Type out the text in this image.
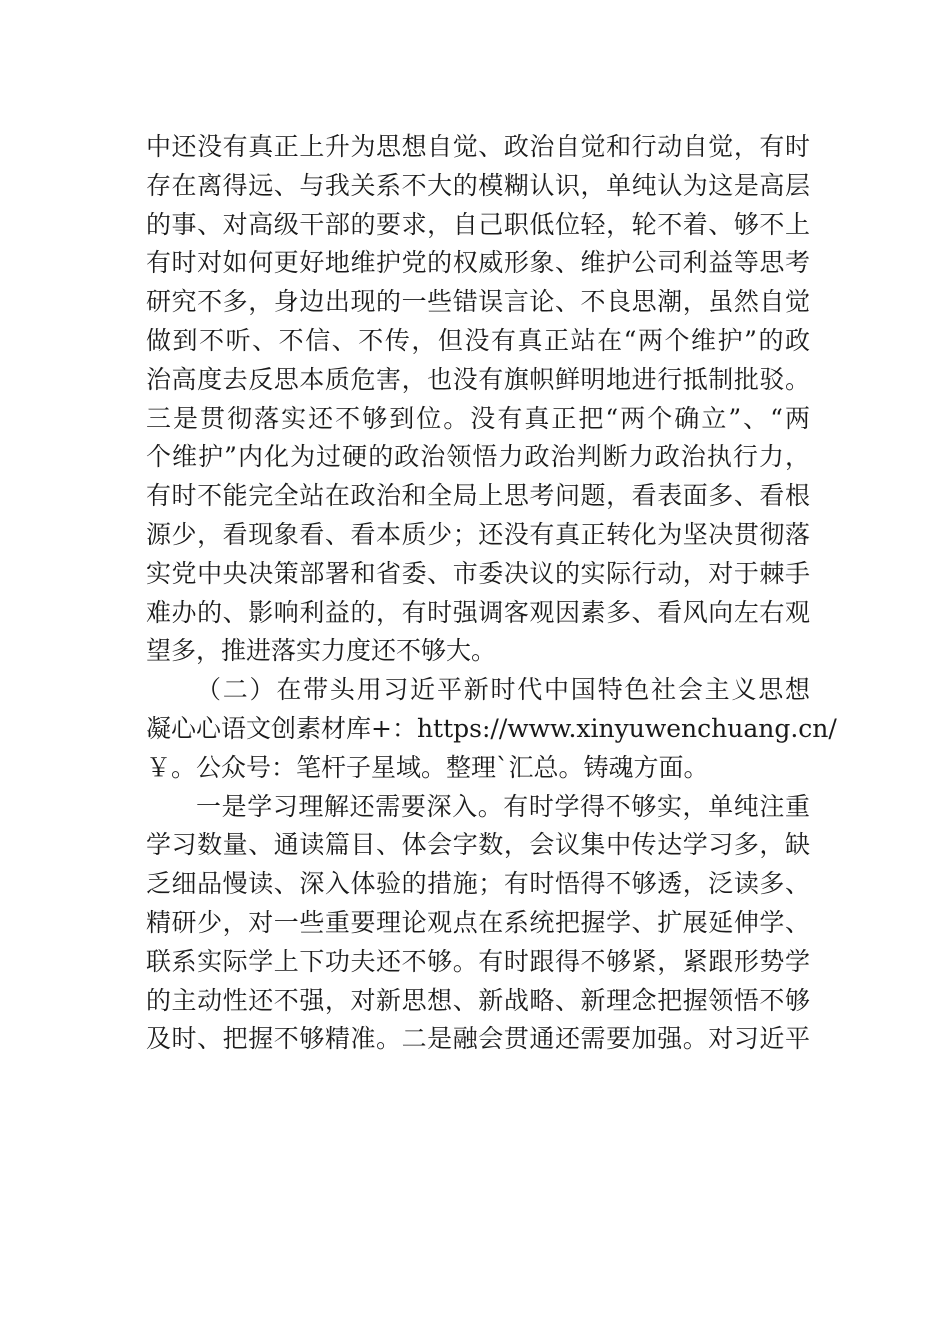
中还没有真正上升为思想自觉、政治自觉和行动自觉，有时
存在离得远、与我关系不大的模糊认识，单纯认为这是高层
的事、对高级干部的要求，自己职低位轻，轮不着、够不上
有时对如何更好地维护党的权威形象、维护公司利益等思考
研究不多，身边出现的一些错误言论、不良思潮，虽然自觉
做到不听、不信、不传，但没有真正站在“两个维护”的政
治高度去反思本质危害，也没有旗帜鲜明地进行抵制批驳。
三是贯彻落实还不够到位。没有真正把“两个确立”、“两
个维护”内化为过硬的政治领悟力政治判断力政治执行力，
有时不能完全站在政治和全局上思考问题，看表面多、看根
源少，看现象看、看本质少；还没有真正转化为坚决贯彻落
实党中央决策部署和省委、市委决议的实际行动，对于棘手
难办的、影响利益的，有时强调客观因素多、看风向左右观
望多，推进落实力度还不够大。
（二）在带头用习近平新时代中国特色社会主义思想
凝心心语文创素材库+：https://www.xinyuwenchuang.cn/
￥。公众号：笔杆子星域。整理`汇总。铸魂方面。
一是学习理解还需要深入。有时学得不够实，单纯注重
学习数量、通读篇目、体会字数，会议集中传达学习多，缺
乏细品慢读、深入体验的措施；有时悟得不够透，泛读多、
精研少，对一些重要理论观点在系统把握学、扩展延伸学、
联系实际学上下功夫还不够。有时跟得不够紧，紧跟形势学
的主动性还不强，对新思想、新战略、新理念把握领悟不够
及时、把握不够精准。二是融会贯通还需要加强。对习近平
